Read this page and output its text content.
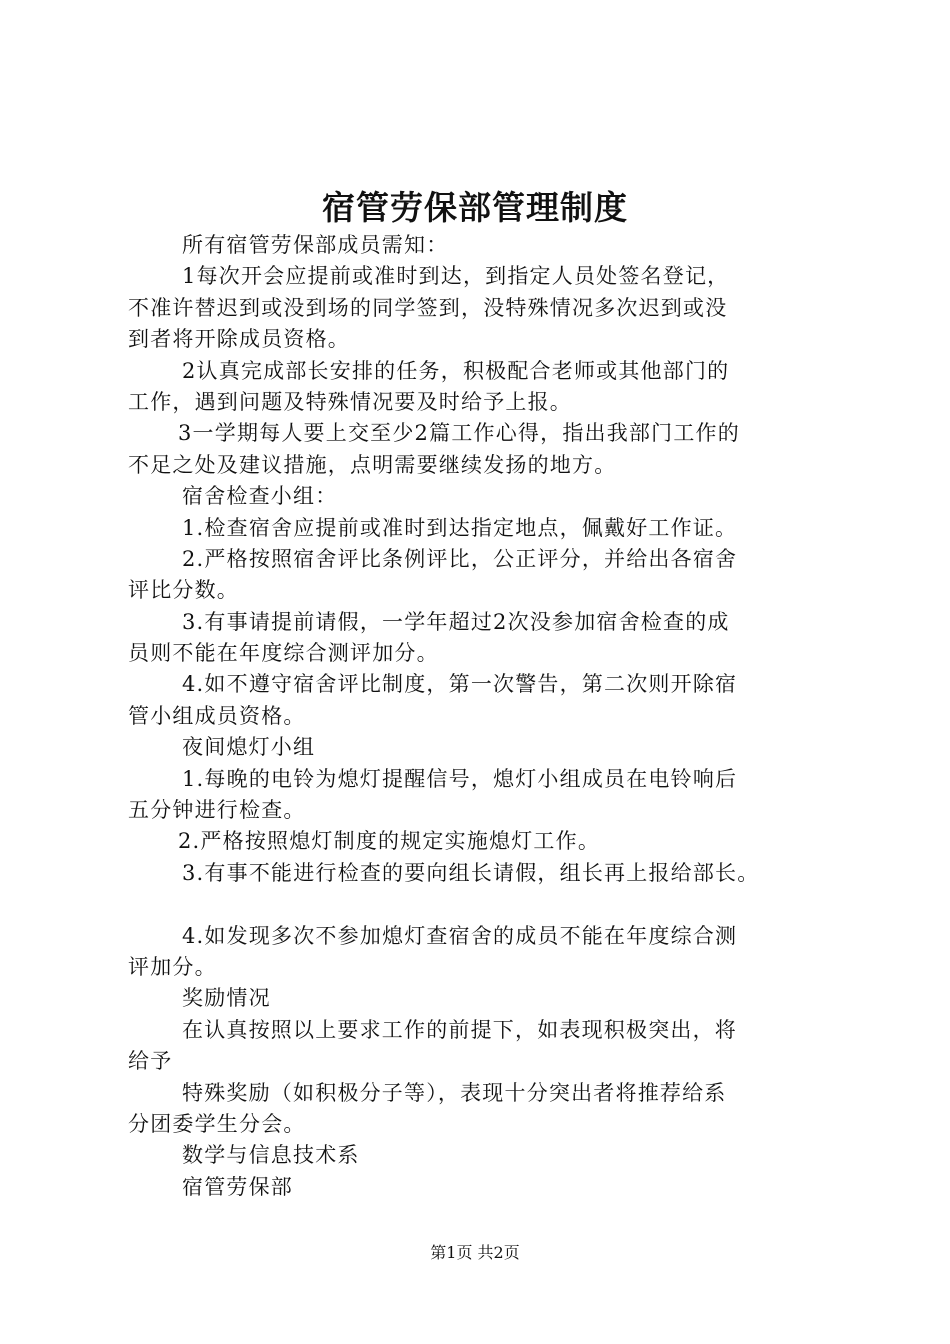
宿管劳保部管理制度
所有宿管劳保部成员需知：
1每次开会应提前或准时到达，到指定人员处签名登记，
不准许替迟到或没到场的同学签到，没特殊情况多次迟到或没
到者将开除成员资格。
2认真完成部长安排的任务，积极配合老师或其他部门的
工作，遇到问题及特殊情况要及时给予上报。
3一学期每人要上交至少2篇工作心得，指出我部门工作的
不足之处及建议措施，点明需要继续发扬的地方。
宿舍检查小组：
1.检查宿舍应提前或准时到达指定地点，佩戴好工作证。
2.严格按照宿舍评比条例评比，公正评分，并给出各宿舍
评比分数。
3.有事请提前请假，一学年超过2次没参加宿舍检查的成
员则不能在年度综合测评加分。
4.如不遵守宿舍评比制度，第一次警告，第二次则开除宿
管小组成员资格。
夜间熄灯小组
1.每晚的电铃为熄灯提醒信号，熄灯小组成员在电铃响后
五分钟进行检查。
2.严格按照熄灯制度的规定实施熄灯工作。
3.有事不能进行检查的要向组长请假，组长再上报给部长。
4.如发现多次不参加熄灯查宿舍的成员不能在年度综合测
评加分。
奖励情况
在认真按照以上要求工作的前提下，如表现积极突出，将
给予
特殊奖励（如积极分子等），表现十分突出者将推荐给系
分团委学生分会。
数学与信息技术系
宿管劳保部
第1页 共2页
